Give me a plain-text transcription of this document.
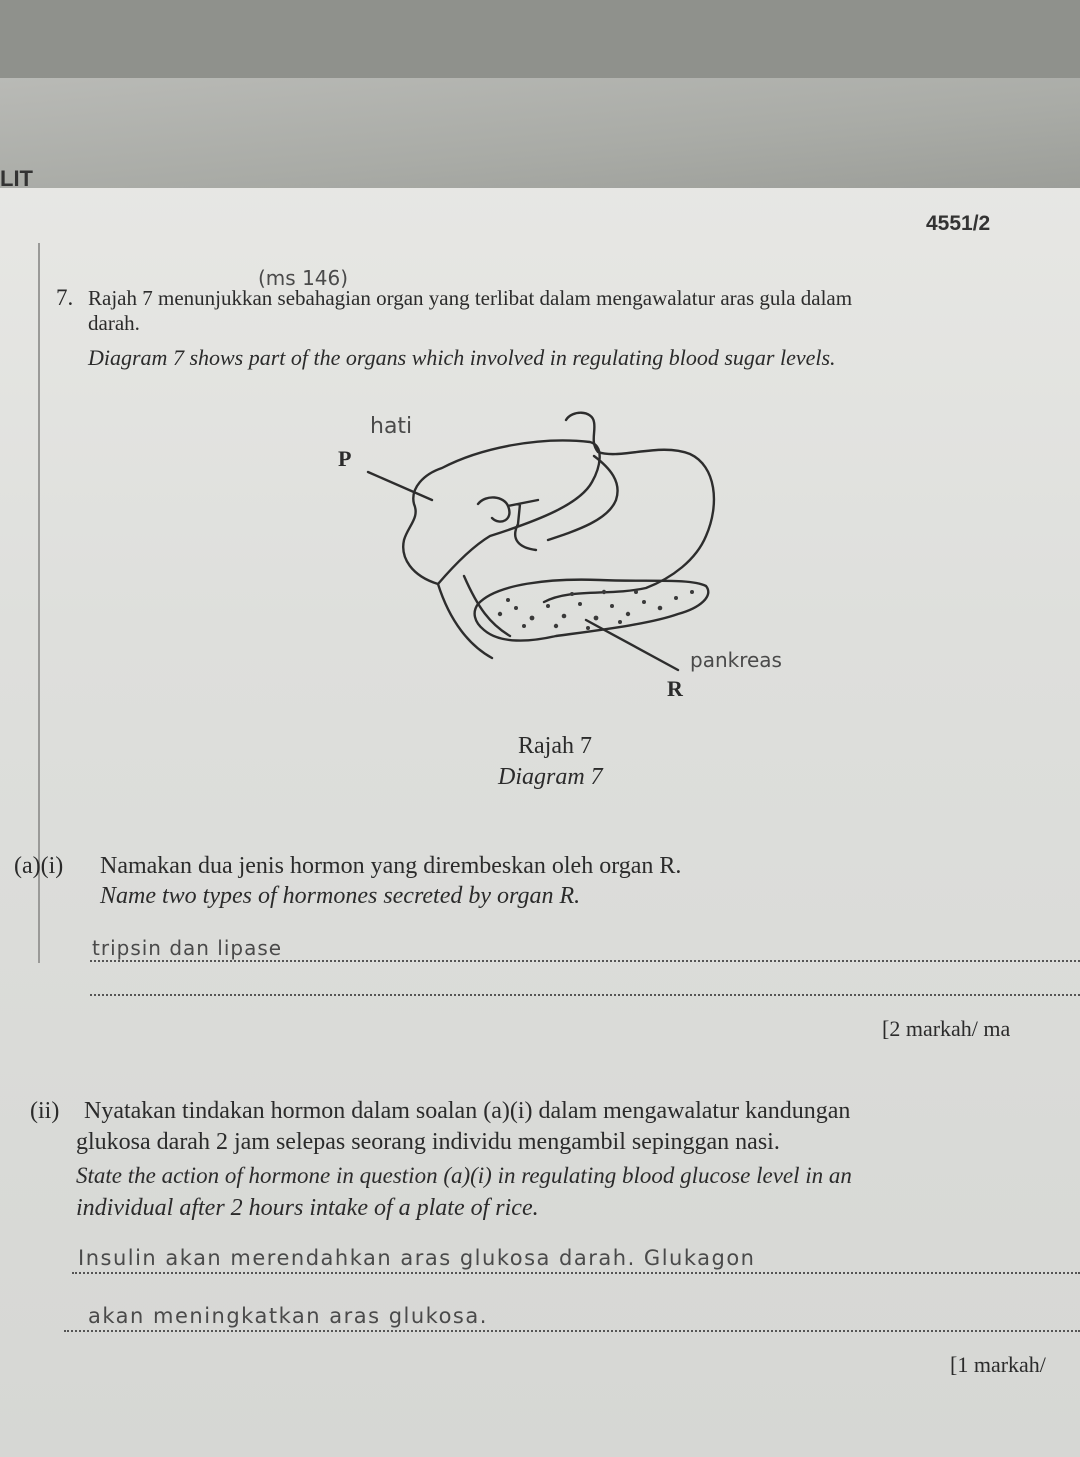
LIT
4551/2
(ms 146)
7. Rajah 7 menunjukkan sebahagian organ yang terlibat dalam mengawalatur aras gula dalam
darah.
Diagram 7 shows part of the organs which involved in regulating blood sugar levels.
hati
P
pankreas
R
Rajah 7
Diagram 7
(a)(i) Namakan dua jenis hormon yang dirembeskan oleh organ R.
Name two types of hormones secreted by organ R.
tripsin dan lipase
[2 markah/ ma
(ii) Nyatakan tindakan hormon dalam soalan (a)(i) dalam mengawalatur kandungan
glukosa darah 2 jam selepas seorang individu mengambil sepinggan nasi.
State the action of hormone in question (a)(i) in regulating blood glucose level in an
individual after 2 hours intake of a plate of rice.
Insulin akan merendahkan aras glukosa darah. Glukagon
akan meningkatkan aras glukosa.
[1 markah/
